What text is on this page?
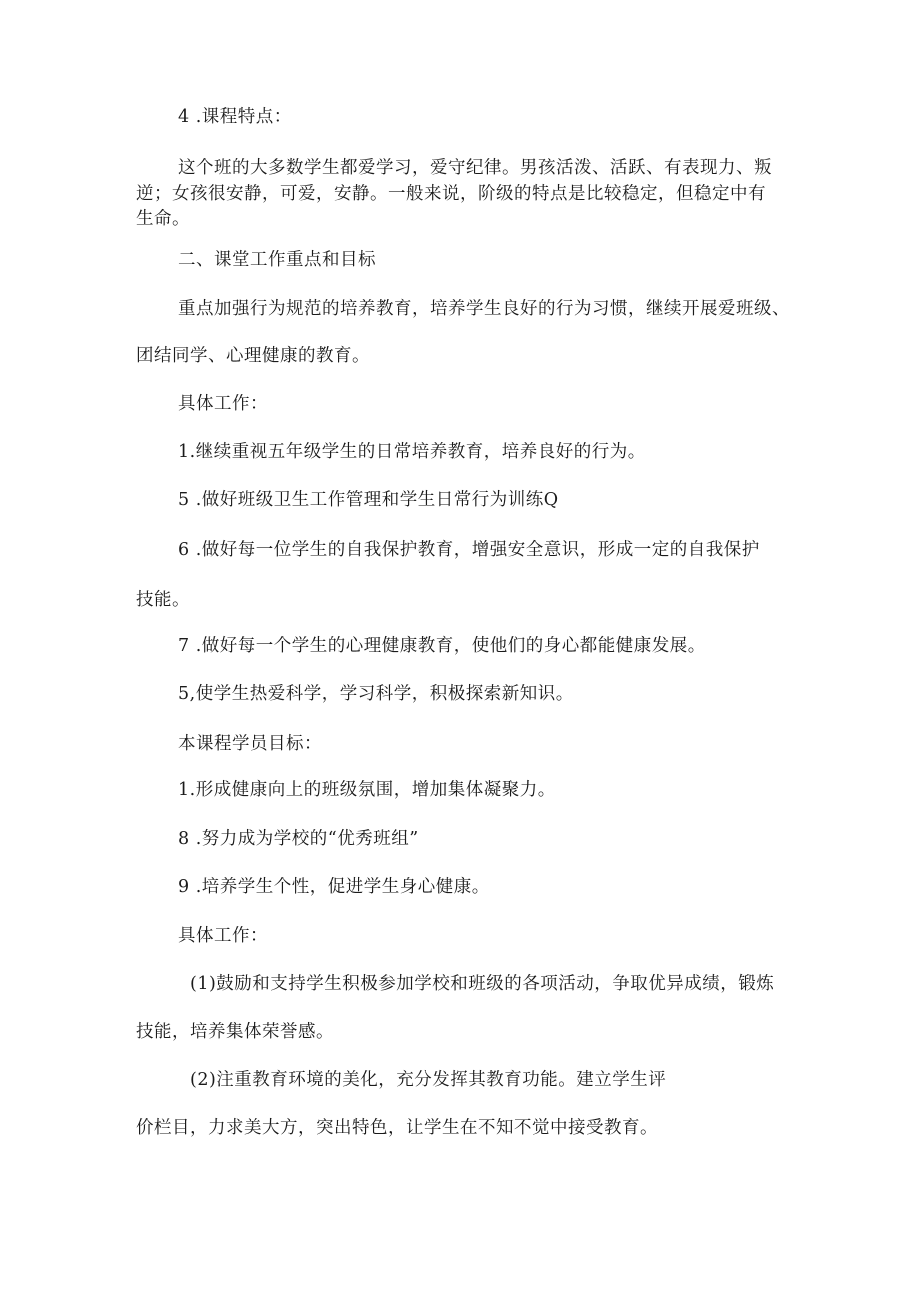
4 .课程特点：
这个班的大多数学生都爱学习，爱守纪律。男孩活泼、活跃、有表现力、叛
逆；女孩很安静，可爱，安静。一般来说，阶级的特点是比较稳定，但稳定中有
生命。
二、课堂工作重点和目标
重点加强行为规范的培养教育，培养学生良好的行为习惯，继续开展爱班级、
团结同学、心理健康的教育。
具体工作：
1.继续重视五年级学生的日常培养教育，培养良好的行为。
5 .做好班级卫生工作管理和学生日常行为训练Q
6 .做好每一位学生的自我保护教育，增强安全意识，形成一定的自我保护
技能。
7 .做好每一个学生的心理健康教育，使他们的身心都能健康发展。
5,使学生热爱科学，学习科学，积极探索新知识。
本课程学员目标：
1.形成健康向上的班级氛围，增加集体凝聚力。
8 .努力成为学校的“优秀班组”
9 .培养学生个性，促进学生身心健康。
具体工作：
(1)鼓励和支持学生积极参加学校和班级的各项活动，争取优异成绩，锻炼
技能，培养集体荣誉感。
(2)注重教育环境的美化，充分发挥其教育功能。建立学生评
价栏目，力求美大方，突出特色，让学生在不知不觉中接受教育。
